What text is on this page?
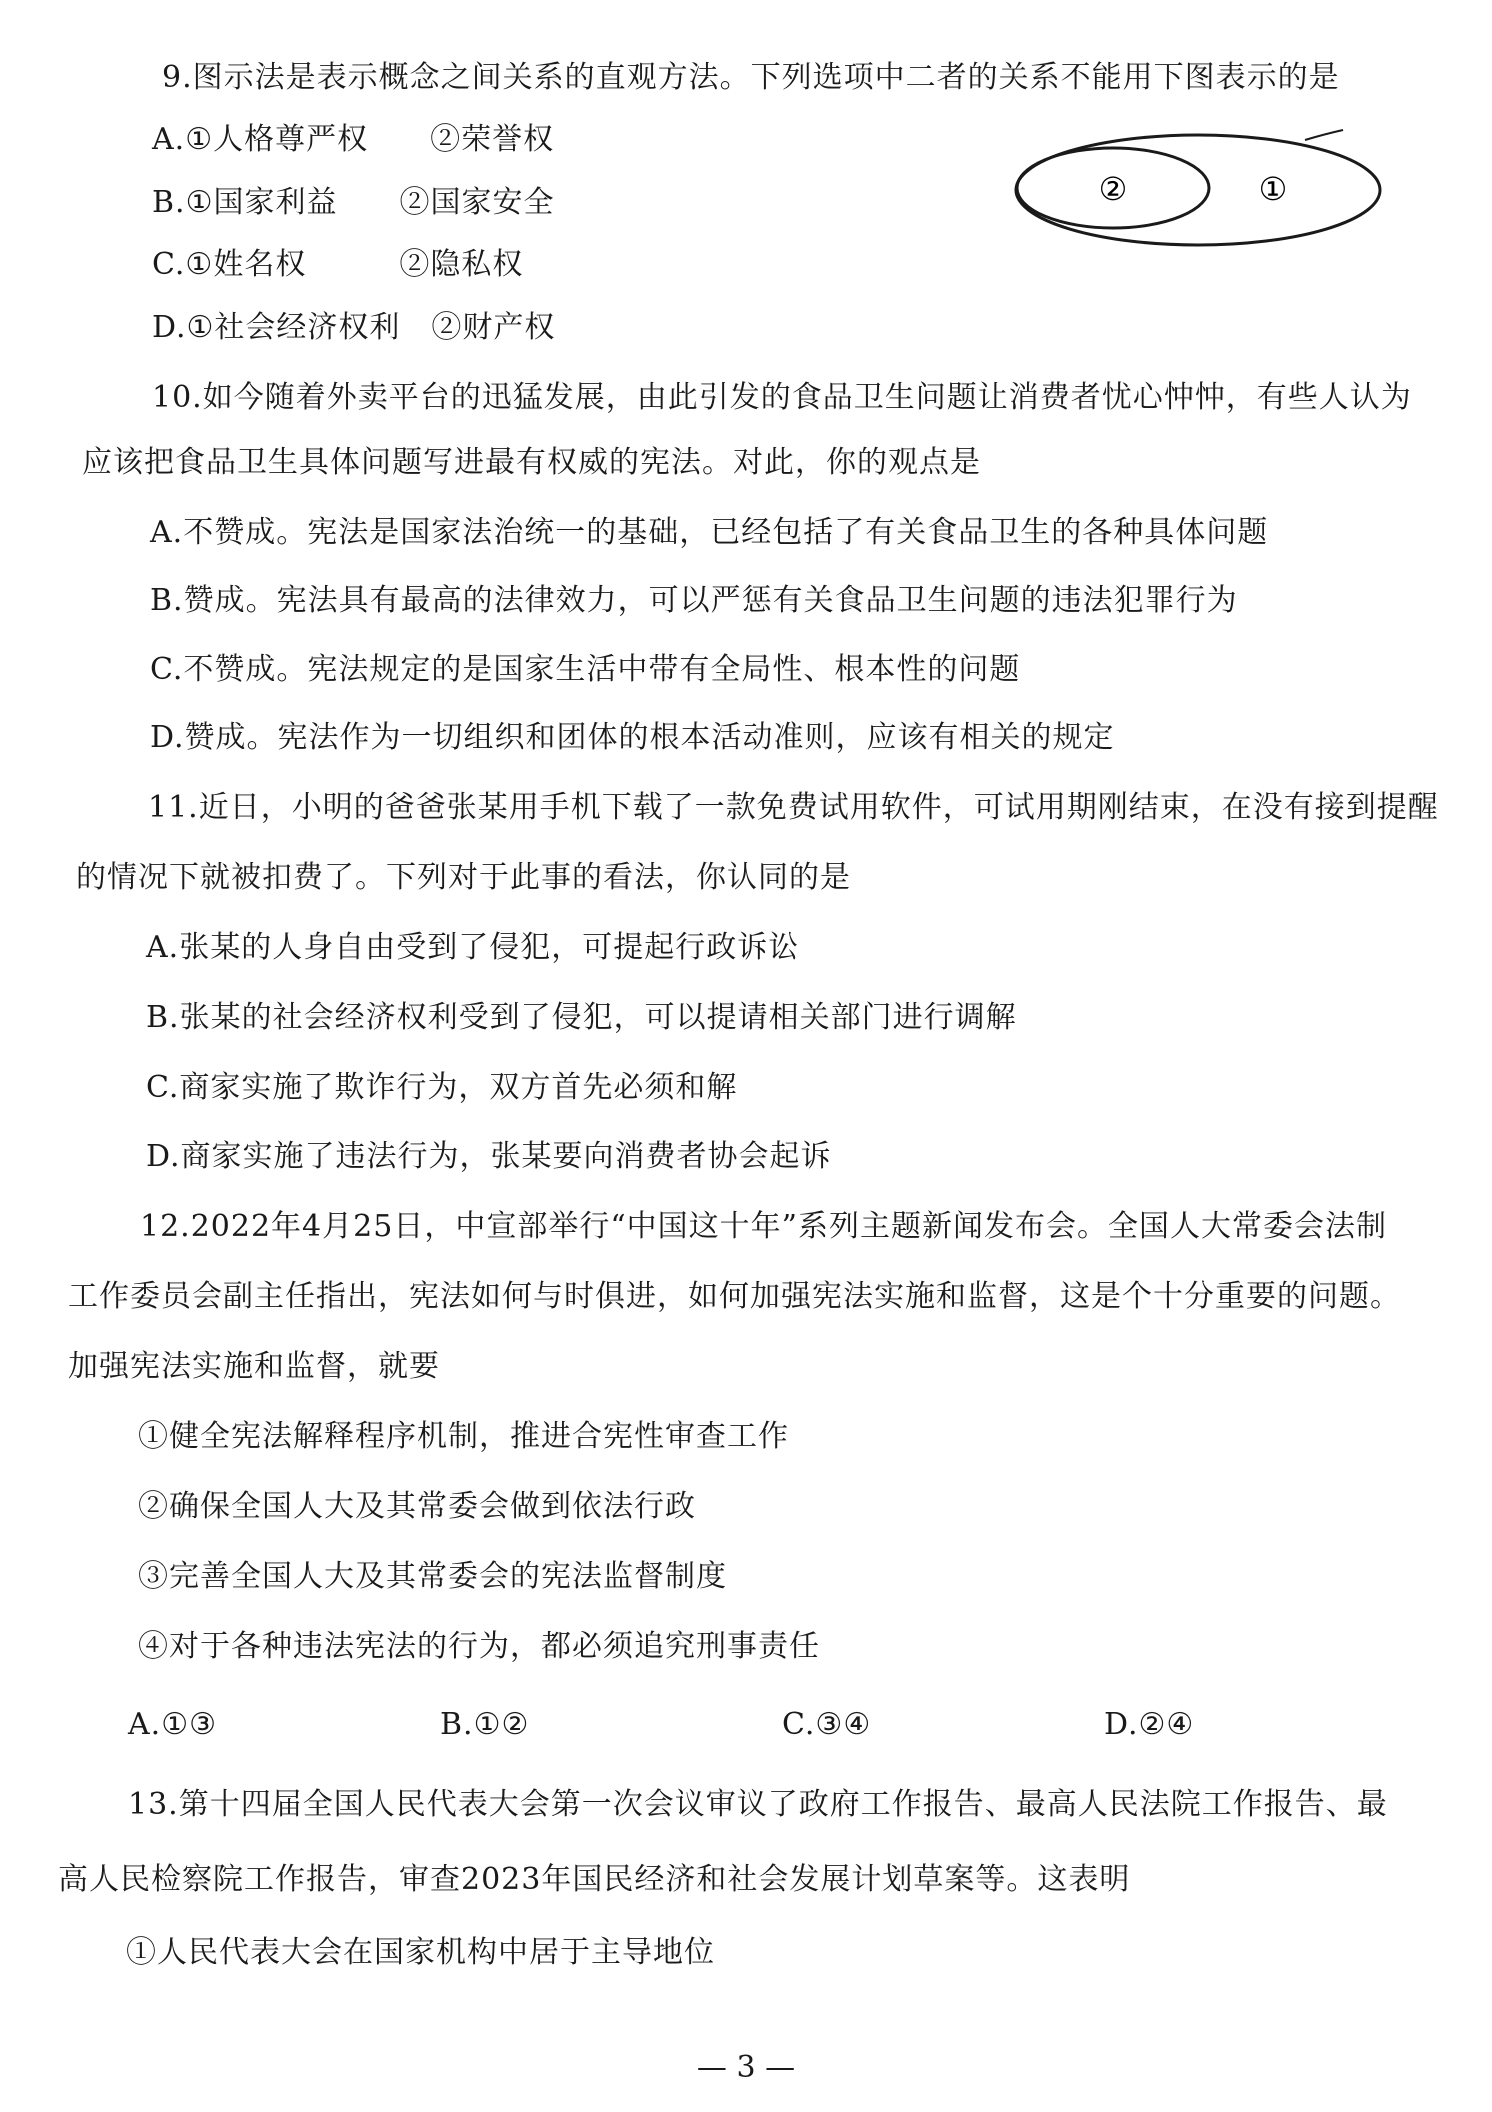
9.图示法是表示概念之间关系的直观方法。下列选项中二者的关系不能用下图表示的是
A.①人格尊严权　　②荣誉权
B.①国家利益　　②国家安全
C.①姓名权　　　②隐私权
D.①社会经济权利　②财产权
②	①
10.如今随着外卖平台的迅猛发展，由此引发的食品卫生问题让消费者忧心忡忡，有些人认为
应该把食品卫生具体问题写进最有权威的宪法。对此，你的观点是
A.不赞成。宪法是国家法治统一的基础，已经包括了有关食品卫生的各种具体问题
B.赞成。宪法具有最高的法律效力，可以严惩有关食品卫生问题的违法犯罪行为
C.不赞成。宪法规定的是国家生活中带有全局性、根本性的问题
D.赞成。宪法作为一切组织和团体的根本活动准则，应该有相关的规定
11.近日，小明的爸爸张某用手机下载了一款免费试用软件，可试用期刚结束，在没有接到提醒
的情况下就被扣费了。下列对于此事的看法，你认同的是
A.张某的人身自由受到了侵犯，可提起行政诉讼
B.张某的社会经济权利受到了侵犯，可以提请相关部门进行调解
C.商家实施了欺诈行为，双方首先必须和解
D.商家实施了违法行为，张某要向消费者协会起诉
12.2022年4月25日，中宣部举行“中国这十年”系列主题新闻发布会。全国人大常委会法制
工作委员会副主任指出，宪法如何与时俱进，如何加强宪法实施和监督，这是个十分重要的问题。
加强宪法实施和监督，就要
①健全宪法解释程序机制，推进合宪性审查工作
②确保全国人大及其常委会做到依法行政
③完善全国人大及其常委会的宪法监督制度
④对于各种违法宪法的行为，都必须追究刑事责任
A.①③	B.①②	C.③④	D.②④
13.第十四届全国人民代表大会第一次会议审议了政府工作报告、最高人民法院工作报告、最
高人民检察院工作报告，审查2023年国民经济和社会发展计划草案等。这表明
①人民代表大会在国家机构中居于主导地位
— 3 —
